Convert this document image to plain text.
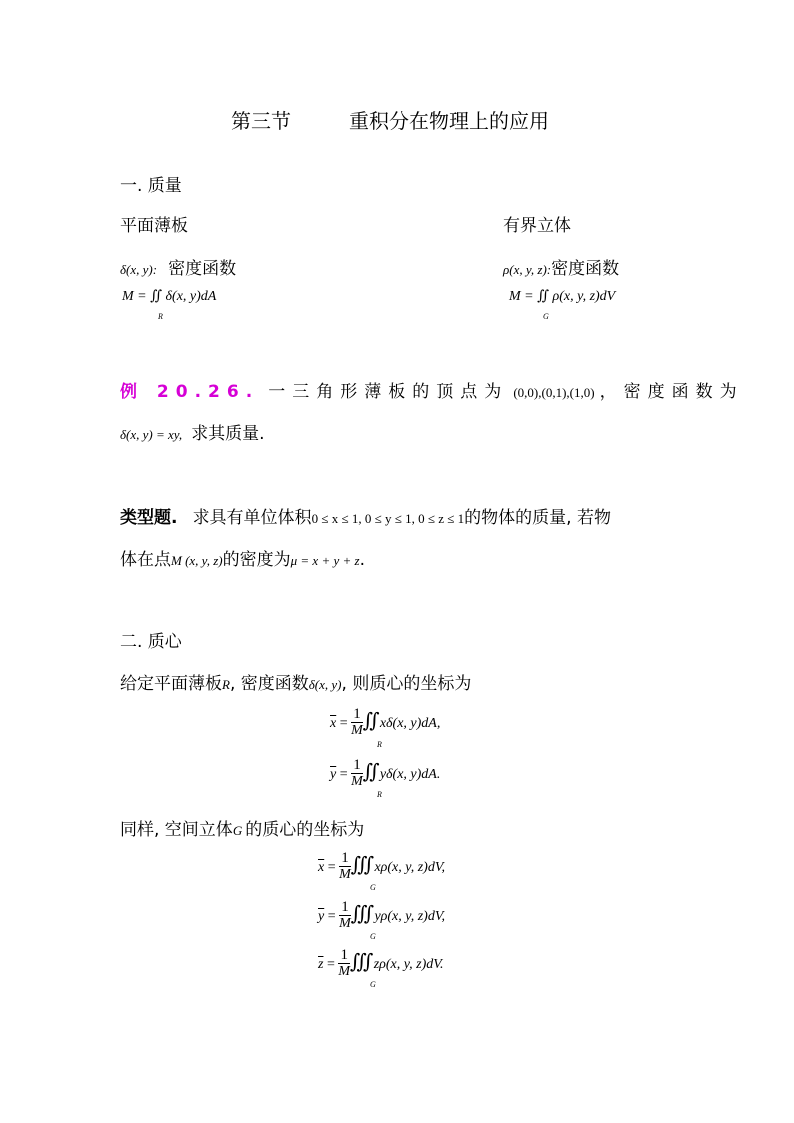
第三节	重积分在物理上的应用
一. 质量
平面薄板	有界立体
δ(x, y): 密度函数	ρ(x, y, z):密度函数
M = ∬ δ(x, y)dA
R
M = ∬ ρ(x, y, z)dV
G
例 20.26. 一三角形薄板的顶点为 (0,0),(0,1),(1,0) ，密度函数为
δ(x, y) = xy, 求其质量.
类型题. 求具有单位体积0 ≤ x ≤ 1, 0 ≤ y ≤ 1, 0 ≤ z ≤ 1的物体的质量, 若物
体在点M (x, y, z)的密度为μ = x + y + z.
二. 质心
给定平面薄板R, 密度函数δ(x, y), 则质心的坐标为
$\overline{x} = \frac{1}{M}$ ∬xδ(x, y)dA,
R
$\overline{y} = \frac{1}{M}$ ∬yδ(x, y)dA.
R
同样, 空间立体G 的质心的坐标为
$\overline{x} = \frac{1}{M}$ ∭xρ(x, y, z)dV,
G
$\overline{y} = \frac{1}{M}$ ∭yρ(x, y, z)dV,
G
$\overline{z} = \frac{1}{M}$ ∭zρ(x, y, z)dV.
G
